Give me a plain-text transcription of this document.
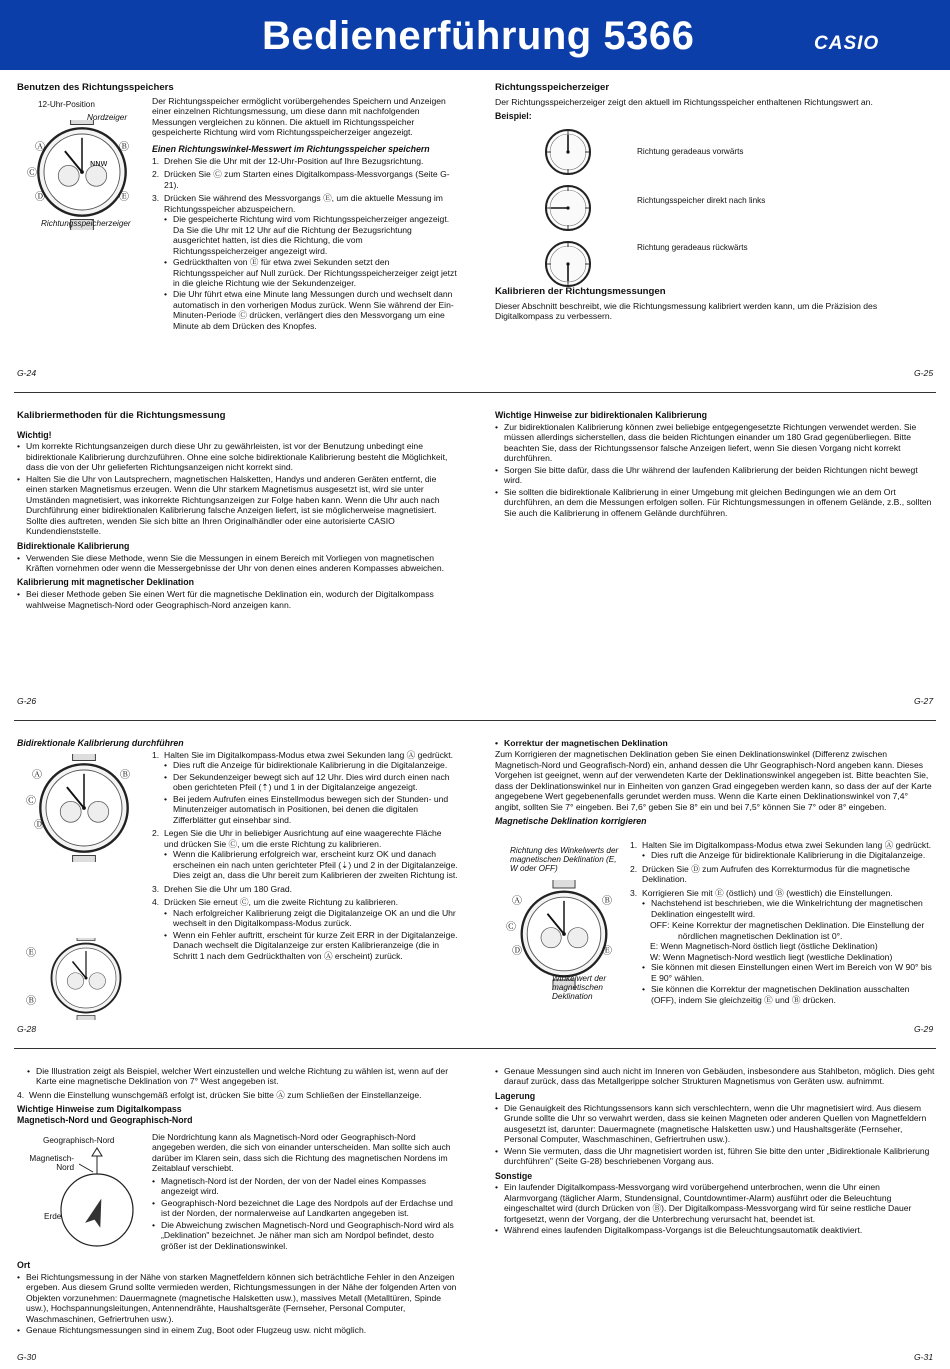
Bedienerführung 5366	CASIO
Benutzen des Richtungsspeichers
12-Uhr-Position
Nordzeiger
Ⓐ
Ⓒ
Ⓓ
Ⓑ
Ⓔ
NNW
Richtungsspeicherzeiger

Der Richtungsspeicher ermöglicht vorübergehendes Speichern und Anzeigen einer einzelnen Richtungsmessung, um diese dann mit nachfolgenden Messungen vergleichen zu können. Die aktuell im Richtungsspeicher gespeicherte Richtung wird vom Richtungsspeicherzeiger angezeigt.

Einen Richtungswinkel-Messwert im Richtungsspeicher speichern
1. Drehen Sie die Uhr mit der 12-Uhr-Position auf Ihre Bezugsrichtung.
2. Drücken Sie Ⓒ zum Starten eines Digitalkompass-Messvorgangs (Seite G-21).
3. Drücken Sie während des Messvorgangs Ⓔ, um die aktuelle Messung im Richtungsspeicher abzuspeichern.
• Die gespeicherte Richtung wird vom Richtungsspeicherzeiger angezeigt. Da Sie die Uhr mit 12 Uhr auf die Richtung der Bezugsrichtung ausgerichtet hatten, ist dies die Richtung, die vom Richtungsspeicherzeiger angezeigt wird.
• Gedrückthalten von Ⓔ für etwa zwei Sekunden setzt den Richtungsspeicher auf Null zurück. Der Richtungsspeicherzeiger zeigt jetzt in die gleiche Richtung wie der Sekundenzeiger.
• Die Uhr führt etwa eine Minute lang Messungen durch und wechselt dann automatisch in den vorherigen Modus zurück. Wenn Sie während der Ein-Minuten-Periode Ⓒ drücken, verlängert dies den Messvorgang um eine Minute ab dem Drücken des Knopfes.
G-24
Richtungsspeicherzeiger

Der Richtungsspeicherzeiger zeigt den aktuell im Richtungsspeicher enthaltenen Richtungswert an.

Beispiel:
Richtung geradeaus vorwärts
Richtungsspeicher direkt nach links
Richtung geradeaus rückwärts
Kalibrieren der Richtungsmessungen

Dieser Abschnitt beschreibt, wie die Richtungsmessung kalibriert werden kann, um die Präzision des Digitalkompass zu verbessern.

G-25
Kalibriermethoden für die Richtungsmessung
Wichtig!
• Um korrekte Richtungsanzeigen durch diese Uhr zu gewährleisten, ist vor der Benutzung unbedingt eine bidirektionale Kalibrierung durchzuführen. Ohne eine solche bidirektionale Kalibrierung besteht die Möglichkeit, dass die von der Uhr gelieferten Richtungsanzeigen nicht korrekt sind.
• Halten Sie die Uhr von Lautsprechern, magnetischen Halsketten, Handys und anderen Geräten entfernt, die einen starken Magnetismus erzeugen. Wenn die Uhr starkem Magnetismus ausgesetzt ist, wird sie unter Umständen magnetisiert, was inkorrekte Richtungsanzeigen zur Folge haben kann. Wenn die Uhr auch nach Durchführung einer bidirektionalen Kalibrierung falsche Anzeigen liefert, ist sie möglicherweise magnetisiert. Sollte dies auftreten, wenden Sie sich bitte an Ihren Originalhändler oder eine autorisierte CASIO Kundendienststelle.
Bidirektionale Kalibrierung
• Verwenden Sie diese Methode, wenn Sie die Messungen in einem Bereich mit Vorliegen von magnetischen Kräften vornehmen oder wenn die Messergebnisse der Uhr von denen eines anderen Kompasses abweichen.
Kalibrierung mit magnetischer Deklination
• Bei dieser Methode geben Sie einen Wert für die magnetische Deklination ein, wodurch der Digitalkompass wahlweise Magnetisch-Nord oder Geographisch-Nord anzeigen kann.
G-26
Wichtige Hinweise zur bidirektionalen Kalibrierung
• Zur bidirektionalen Kalibrierung können zwei beliebige entgegengesetzte Richtungen verwendet werden. Sie müssen allerdings sicherstellen, dass die beiden Richtungen einander um 180 Grad gegenüberliegen. Bitte beachten Sie, dass der Richtungssensor falsche Anzeigen liefert, wenn Sie diesen Vorgang nicht korrekt durchführen.
• Sorgen Sie bitte dafür, dass die Uhr während der laufenden Kalibrierung der beiden Richtungen nicht bewegt wird.
• Sie sollten die bidirektionale Kalibrierung in einer Umgebung mit gleichen Bedingungen wie an dem Ort durchführen, an dem die Messungen erfolgen sollen. Für Richtungsmessungen in offenem Gelände, z.B., sollten Sie auch die Kalibrierung in offenem Gelände durchführen.
G-27
Bidirektionale Kalibrierung durchführen
Ⓐ
Ⓒ
Ⓓ
Ⓑ
Ⓔ
Ⓑ
1. Halten Sie im Digitalkompass-Modus etwa zwei Sekunden lang Ⓐ gedrückt.
• Dies ruft die Anzeige für bidirektionale Kalibrierung in die Digitalanzeige.
• Der Sekundenzeiger bewegt sich auf 12 Uhr. Dies wird durch einen nach oben gerichteten Pfeil (⇡) und 1 in der Digitalanzeige angezeigt.
• Bei jedem Aufrufen eines Einstellmodus bewegen sich der Stunden- und Minutenzeiger automatisch in Positionen, bei denen die digitalen Zifferblätter gut einsehbar sind.
2. Legen Sie die Uhr in beliebiger Ausrichtung auf eine waagerechte Fläche und drücken Sie Ⓒ, um die erste Richtung zu kalibrieren.
• Wenn die Kalibrierung erfolgreich war, erscheint kurz OK und danach erscheinen ein nach unten gerichteter Pfeil (⇣) und 2 in der Digitalanzeige. Dies zeigt an, dass die Uhr bereit zum Kalibrieren der zweiten Richtung ist.
3. Drehen Sie die Uhr um 180 Grad.
4. Drücken Sie erneut Ⓒ, um die zweite Richtung zu kalibrieren.
• Nach erfolgreicher Kalibrierung zeigt die Digitalanzeige OK an und die Uhr wechselt in den Digitalkompass-Modus zurück.
• Wenn ein Fehler auftritt, erscheint für kurze Zeit ERR in der Digitalanzeige. Danach wechselt die Digitalanzeige zur ersten Kalibrieranzeige (die in Schritt 1 nach dem Gedrückthalten von Ⓐ erscheint) zurück.
G-28
• Korrektur der magnetischen Deklination

Zum Korrigieren der magnetischen Deklination geben Sie einen Deklinationswinkel (Differenz zwischen Magnetisch-Nord und Geografisch-Nord) ein, anhand dessen die Uhr Geographisch-Nord angeben kann. Dieses Vorgehen ist geeignet, wenn auf der verwendeten Karte der Deklinationswinkel angegeben ist. Bitte beachten Sie, dass der Deklinationswinkel nur in Einheiten von ganzen Grad eingegeben werden kann, so dass der auf der Karte angegebene Wert gegebenenfalls gerundet werden muss. Wenn die Karte einen Deklinationswinkel von 7,4° angibt, sollten Sie 7° eingeben. Bei 7,6° geben Sie 8° ein und bei 7,5° können Sie 7° oder 8° eingeben.

Magnetische Deklination korrigieren
Richtung des Winkelwerts der magnetischen Deklination (E, W oder OFF)
Ⓐ
Ⓒ
Ⓓ
Ⓑ
Ⓔ
Winkelwert der magnetischen Deklination
1. Halten Sie im Digitalkompass-Modus etwa zwei Sekunden lang Ⓐ gedrückt.
• Dies ruft die Anzeige für bidirektionale Kalibrierung in die Digitalanzeige.
2. Drücken Sie Ⓓ zum Aufrufen des Korrekturmodus für die magnetische Deklination.
3. Korrigieren Sie mit Ⓔ (östlich) und Ⓑ (westlich) die Einstellungen.
• Nachstehend ist beschrieben, wie die Winkelrichtung der magnetischen Deklination eingestellt wird.
OFF: Keine Korrektur der magnetischen Deklination. Die Einstellung der nördlichen magnetischen Deklination ist 0°.
E: Wenn Magnetisch-Nord östlich liegt (östliche Deklination)
W: Wenn Magnetisch-Nord westlich liegt (westliche Deklination)
• Sie können mit diesen Einstellungen einen Wert im Bereich von W 90° bis E 90° wählen.
• Sie können die Korrektur der magnetischen Deklination ausschalten (OFF), indem Sie gleichzeitig Ⓔ und Ⓑ drücken.
G-29
• Die Illustration zeigt als Beispiel, welcher Wert einzustellen und welche Richtung zu wählen ist, wenn auf der Karte eine magnetische Deklination von 7° West angegeben ist.
4. Wenn die Einstellung wunschgemäß erfolgt ist, drücken Sie bitte Ⓐ zum Schließen der Einstellanzeige.
Wichtige Hinweise zum Digitalkompass
Magnetisch-Nord und Geographisch-Nord
Geographisch-Nord
Magnetisch-Nord
Erde

Die Nordrichtung kann als Magnetisch-Nord oder Geographisch-Nord angegeben werden, die sich von einander unterscheiden. Man sollte sich auch darüber im Klaren sein, dass sich die Richtung des magnetischen Nordens im Zeitablauf verschiebt.

• Magnetisch-Nord ist der Norden, der von der Nadel eines Kompasses angezeigt wird.
• Geographisch-Nord bezeichnet die Lage des Nordpols auf der Erdachse und ist der Norden, der normalerweise auf Landkarten angegeben ist.
• Die Abweichung zwischen Magnetisch-Nord und Geographisch-Nord wird als „Deklination" bezeichnet. Je näher man sich am Nordpol befindet, desto größer ist der Deklinationswinkel.
Ort
• Bei Richtungsmessung in der Nähe von starken Magnetfeldern können sich beträchtliche Fehler in den Anzeigen ergeben. Aus diesem Grund sollte vermieden werden, Richtungsmessungen in der Nähe der folgenden Arten von Objekten vorzunehmen: Dauermagnete (magnetische Halsketten usw.), massives Metall (Metalltüren, Spinde usw.), Hochspannungsleitungen, Antennendrähte, Haushaltsgeräte (Fernseher, Personal Computer, Waschmaschinen, Gefriertruhen usw.).
• Genaue Richtungsmessungen sind in einem Zug, Boot oder Flugzeug usw. nicht möglich.
G-30
• Genaue Messungen sind auch nicht im Inneren von Gebäuden, insbesondere aus Stahlbeton, möglich. Dies geht darauf zurück, dass das Metallgerippe solcher Strukturen Magnetismus von Geräten usw. aufnimmt.
Lagerung
• Die Genauigkeit des Richtungssensors kann sich verschlechtern, wenn die Uhr magnetisiert wird. Aus diesem Grunde sollte die Uhr so verwahrt werden, dass sie keinen Magneten oder anderen Quellen von Magnetfeldern ausgesetzt ist, darunter: Dauermagnete (magnetische Halsketten usw.) und Haushaltsgeräte (Fernseher, Personal Computer, Waschmaschinen, Gefriertruhen usw.).
• Wenn Sie vermuten, dass die Uhr magnetisiert worden ist, führen Sie bitte den unter „Bidirektionale Kalibrierung durchführen" (Seite G-28) beschriebenen Vorgang aus.
Sonstige
• Ein laufender Digitalkompass-Messvorgang wird vorübergehend unterbrochen, wenn die Uhr einen Alarmvorgang (täglicher Alarm, Stundensignal, Countdowntimer-Alarm) ausführt oder die Beleuchtung eingeschaltet wird (durch Drücken von Ⓑ). Der Digitalkompass-Messvorgang wird für seine restliche Dauer fortgesetzt, wenn der Vorgang, der die Unterbrechung verursacht hat, beendet ist.
• Während eines laufenden Digitalkompass-Vorgangs ist die Beleuchtungsautomatik deaktiviert.
G-31
